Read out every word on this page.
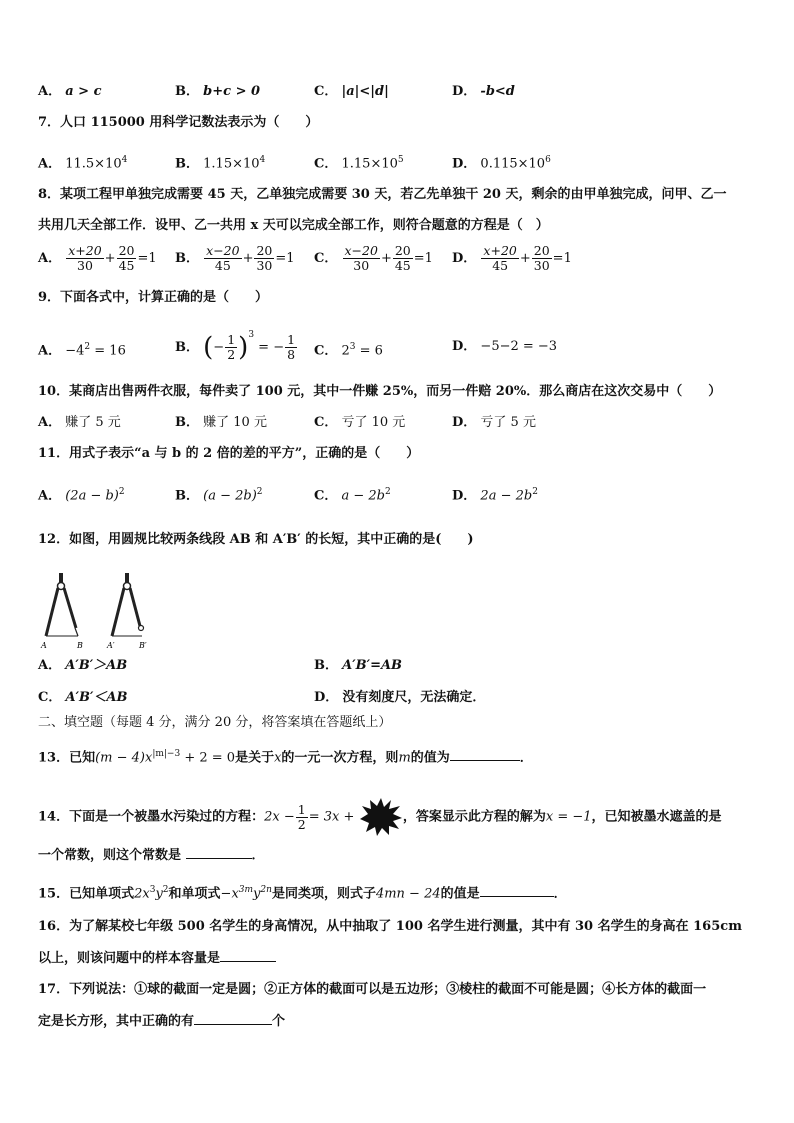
A． a > c	B． b+c > 0	C． |a|<|d|	D． -b<d
7．人口 115000 用科学记数法表示为（　　）
A． $11.5\times 10^4$	B． $1.15\times 10^4$	C． $1.15\times 10^5$	D． $0.115\times 10^6$
8．某项工程甲单独完成需要 45 天，乙单独完成需要 30 天，若乙先单独干 20 天，剩余的由甲单独完成，问甲、乙一
共用几天全部工作．设甲、乙一共用 x 天可以完成全部工作，则符合题意的方程是（　）
A． $\frac{x+20}{30} + \frac{20}{45} =1$ B． $\frac{x-20}{45} + \frac{20}{30} =1$ C． $\frac{x-20}{30} + \frac{20}{45} =1$ D． $\frac{x+20}{45} + \frac{20}{30} =1$
9．下面各式中，计算正确的是（　　）
A． $-4^2 = 16$	B． (− $\frac{1}{2} )^3$ = − $\frac{1}{8}$ C． $2^3 = 6$	D． −5−2 = −3
10．某商店出售两件衣服，每件卖了 100 元，其中一件赚 25%，而另一件赔 20%．那么商店在这次交易中（　　）
A． 赚了 5 元	B． 赚了 10 元	C． 亏了 10 元	D． 亏了 5 元
11．用式子表示“a 与 b 的 2 倍的差的平方”，正确的是（　　）
A． $(2a - b)^2$	B． $(a - 2b)^2$	C． $a - 2b^2$	D． $2a - 2b^2$
12．如图，用圆规比较两条线段 AB 和 A′B′ 的长短，其中正确的是(　　)
A	B	A′	B′
A． A′B′＞AB	B． A′B′=AB
C． A′B′＜AB	D． 没有刻度尺，无法确定．
二、填空题（每题 4 分，满分 20 分，将答案填在答题纸上）
13．已知$(m - 4)x^{|m|-3} + 2 = 0$是关于x的一元一次方程，则m的值为	．
14．下面是一个被墨水污染过的方程：$2x - \frac{1}{2} = 3x$ +	，答案显示此方程的解为x = −1，已知被墨水遮盖的是
一个常数，则这个常数是	．
15．已知单项式$2x^3y^2$和单项式$-x^{3m}y^{2n}$是同类项，则式子4mn − 24的值是	．
16．为了解某校七年级 500 名学生的身高情况，从中抽取了 100 名学生进行测量，其中有 30 名学生的身高在 165cm
以上，则该问题中的样本容量是
17．下列说法：①球的截面一定是圆；②正方体的截面可以是五边形；③棱柱的截面不可能是圆；④长方体的截面一
定是长方形，其中正确的有	个
